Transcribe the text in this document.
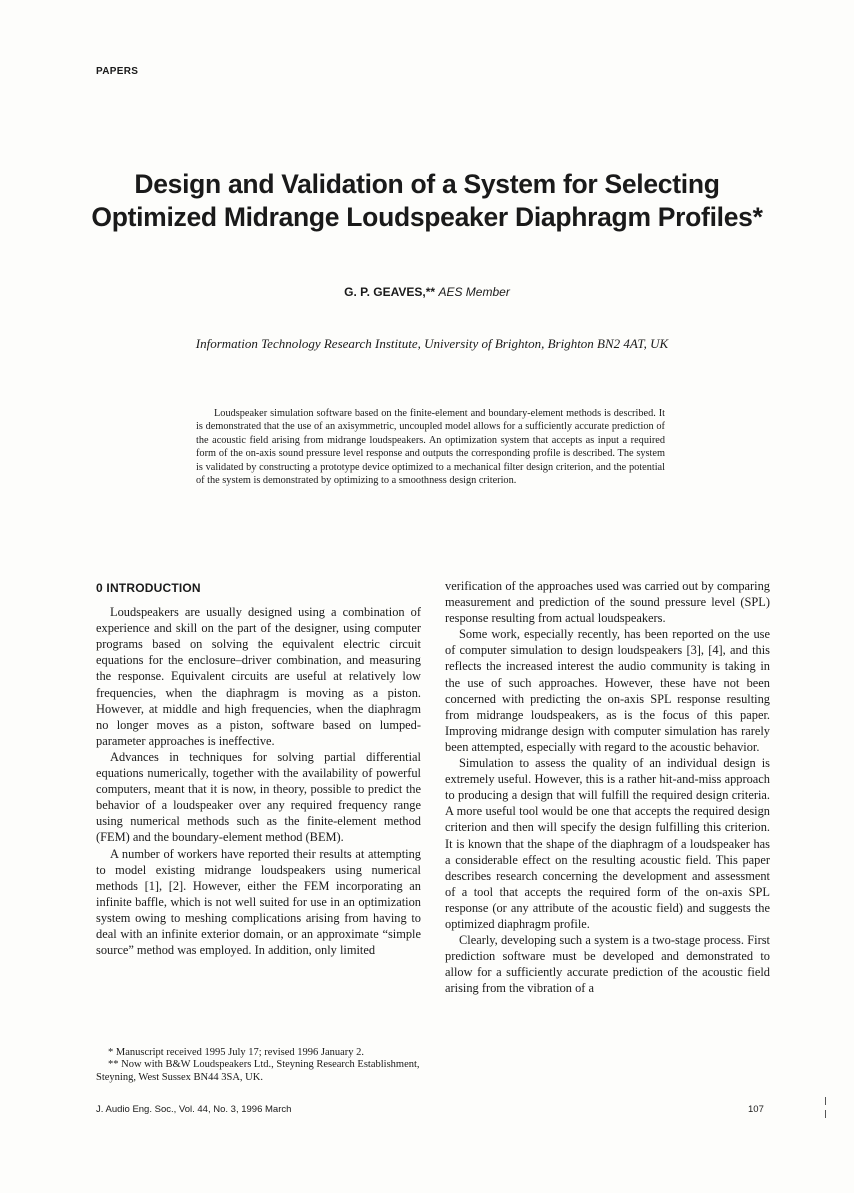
PAPERS
Design and Validation of a System for Selecting
Optimized Midrange Loudspeaker Diaphragm Profiles*
G. P. GEAVES,** AES Member
Information Technology Research Institute, University of Brighton, Brighton BN2 4AT, UK

Loudspeaker simulation software based on the finite-element and boundary-element methods is described. It is demonstrated that the use of an axisymmetric, uncoupled model allows for a sufficiently accurate prediction of the acoustic field arising from midrange loudspeakers. An optimization system that accepts as input a required form of the on-axis sound pressure level response and outputs the corresponding profile is described. The system is validated by constructing a prototype device optimized to a mechanical filter design criterion, and the potential of the system is demonstrated by optimizing to a smoothness design criterion.

0 INTRODUCTION

Loudspeakers are usually designed using a combination of experience and skill on the part of the designer, using computer programs based on solving the equivalent electric circuit equations for the enclosure–driver combination, and measuring the response. Equivalent circuits are useful at relatively low frequencies, when the diaphragm is moving as a piston. However, at middle and high frequencies, when the diaphragm no longer moves as a piston, software based on lumped-parameter approaches is ineffective.

Advances in techniques for solving partial differential equations numerically, together with the availability of powerful computers, meant that it is now, in theory, possible to predict the behavior of a loudspeaker over any required frequency range using numerical methods such as the finite-element method (FEM) and the boundary-element method (BEM).

A number of workers have reported their results at attempting to model existing midrange loudspeakers using numerical methods [1], [2]. However, either the FEM incorporating an infinite baffle, which is not well suited for use in an optimization system owing to meshing complications arising from having to deal with an infinite exterior domain, or an approximate “simple source” method was employed. In addition, only limited

verification of the approaches used was carried out by comparing measurement and prediction of the sound pressure level (SPL) response resulting from actual loudspeakers.

Some work, especially recently, has been reported on the use of computer simulation to design loudspeakers [3], [4], and this reflects the increased interest the audio community is taking in the use of such approaches. However, these have not been concerned with predicting the on-axis SPL response resulting from midrange loudspeakers, as is the focus of this paper. Improving midrange design with computer simulation has rarely been attempted, especially with regard to the acoustic behavior.

Simulation to assess the quality of an individual design is extremely useful. However, this is a rather hit-and-miss approach to producing a design that will fulfill the required design criteria. A more useful tool would be one that accepts the required design criterion and then will specify the design fulfilling this criterion. It is known that the shape of the diaphragm of a loudspeaker has a considerable effect on the resulting acoustic field. This paper describes research concerning the development and assessment of a tool that accepts the required form of the on-axis SPL response (or any attribute of the acoustic field) and suggests the optimized diaphragm profile.

Clearly, developing such a system is a two-stage process. First prediction software must be developed and demonstrated to allow for a sufficiently accurate prediction of the acoustic field arising from the vibration of a

* Manuscript received 1995 July 17; revised 1996 January 2.

** Now with B&W Loudspeakers Ltd., Steyning Research Establishment, Steyning, West Sussex BN44 3SA, UK.

J. Audio Eng. Soc., Vol. 44, No. 3, 1996 March	107
